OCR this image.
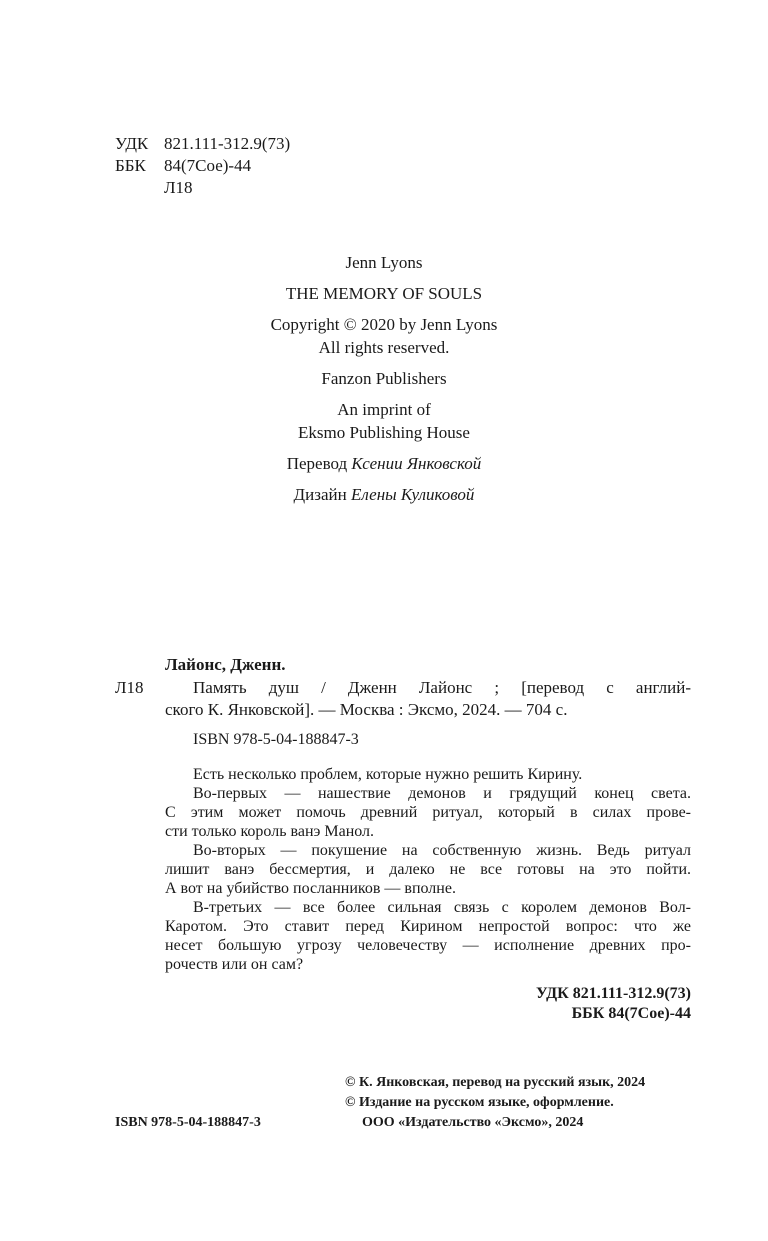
УДК 821.111-312.9(73)
ББК	84(7Сое)-44
Л18
Jenn Lyons
THE MEMORY OF SOULS
Copyright © 2020 by Jenn Lyons
All rights reserved.
Fanzon Publishers
An imprint of
Eksmo Publishing House
Перевод Ксении Янковской
Дизайн Елены Куликовой
Лайонс, Дженн.
Л18	Память душ / Дженн Лайонс ; [перевод с англий-
ского К. Янковской]. — Москва : Эксмо, 2024. — 704 с.
ISBN 978-5-04-188847-3
Есть несколько проблем, которые нужно решить Кирину.
Во-первых — нашествие демонов и грядущий конец света.
С этим может помочь древний ритуал, который в силах прове-
сти только король ванэ Манол.
Во-вторых — покушение на собственную жизнь. Ведь ритуал
лишит ванэ бессмертия, и далеко не все готовы на это пойти.
А вот на убийство посланников — вполне.
В-третьих — все более сильная связь с королем демонов Вол-
Каротом. Это ставит перед Кирином непростой вопрос: что же
несет большую угрозу человечеству — исполнение древних про-
рочеств или он сам?
УДК 821.111-312.9(73)
ББК 84(7Сое)-44
© К. Янковская, перевод на русский язык, 2024
© Издание на русском языке, оформление.
ООО «Издательство «Эксмо», 2024
ISBN 978-5-04-188847-3
